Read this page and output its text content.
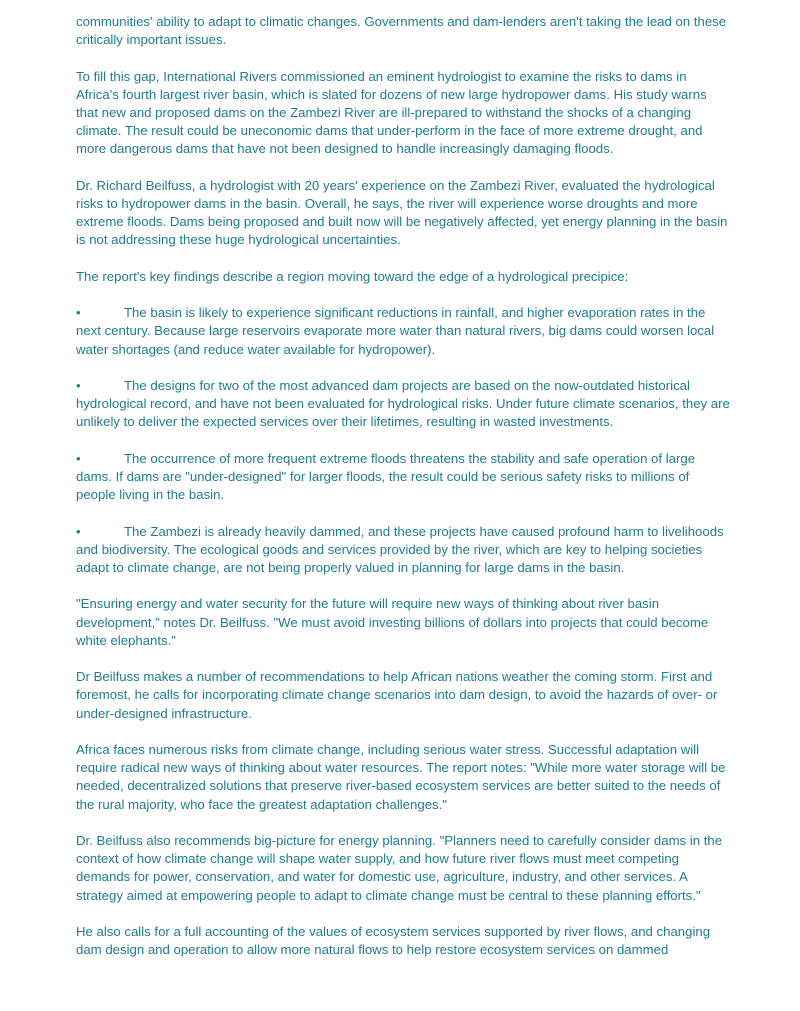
communities' ability to adapt to climatic changes. Governments and dam-lenders aren't taking the lead on these critically important issues.

To fill this gap, International Rivers commissioned an eminent hydrologist to examine the risks to dams in Africa's fourth largest river basin, which is slated for dozens of new large hydropower dams. His study warns that new and proposed dams on the Zambezi River are ill-prepared to withstand the shocks of a changing climate. The result could be uneconomic dams that under-perform in the face of more extreme drought, and more dangerous dams that have not been designed to handle increasingly damaging floods.

Dr. Richard Beilfuss, a hydrologist with 20 years' experience on the Zambezi River, evaluated the hydrological risks to hydropower dams in the basin. Overall, he says, the river will experience worse droughts and more extreme floods. Dams being proposed and built now will be negatively affected, yet energy planning in the basin is not addressing these huge hydrological uncertainties.

The report's key findings describe a region moving toward the edge of a hydrological precipice:

•	The basin is likely to experience significant reductions in rainfall, and higher evaporation rates in the next century. Because large reservoirs evaporate more water than natural rivers, big dams could worsen local water shortages (and reduce water available for hydropower).

•	The designs for two of the most advanced dam projects are based on the now-outdated historical hydrological record, and have not been evaluated for hydrological risks. Under future climate scenarios, they are unlikely to deliver the expected services over their lifetimes, resulting in wasted investments.

•	The occurrence of more frequent extreme floods threatens the stability and safe operation of large dams. If dams are "under-designed" for larger floods, the result could be serious safety risks to millions of people living in the basin.

•	The Zambezi is already heavily dammed, and these projects have caused profound harm to livelihoods and biodiversity. The ecological goods and services provided by the river, which are key to helping societies adapt to climate change, are not being properly valued in planning for large dams in the basin.

"Ensuring energy and water security for the future will require new ways of thinking about river basin development," notes Dr. Beilfuss. "We must avoid investing billions of dollars into projects that could become white elephants."

Dr Beilfuss makes a number of recommendations to help African nations weather the coming storm. First and foremost, he calls for incorporating climate change scenarios into dam design, to avoid the hazards of over- or under-designed infrastructure.

Africa faces numerous risks from climate change, including serious water stress. Successful adaptation will require radical new ways of thinking about water resources. The report notes: "While more water storage will be needed, decentralized solutions that preserve river-based ecosystem services are better suited to the needs of the rural majority, who face the greatest adaptation challenges."

Dr. Beilfuss also recommends big-picture for energy planning. "Planners need to carefully consider dams in the context of how climate change will shape water supply, and how future river flows must meet competing demands for power, conservation, and water for domestic use, agriculture, industry, and other services. A strategy aimed at empowering people to adapt to climate change must be central to these planning efforts."

He also calls for a full accounting of the values of ecosystem services supported by river flows, and changing dam design and operation to allow more natural flows to help restore ecosystem services on dammed
